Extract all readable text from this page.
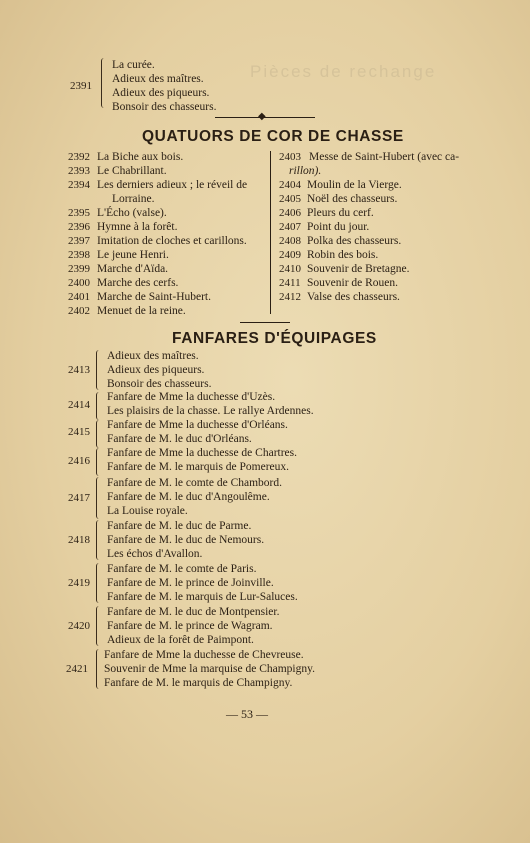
Pièces de rechange
2391
La curée.
Adieux des maîtres.
Adieux des piqueurs.
Bonsoir des chasseurs.
◆
QUATUORS DE COR DE CHASSE
2392 La Biche aux bois.
2393 Le Chabrillant.
2394 Les derniers adieux ; le réveil de
Lorraine.
2395 L'Écho (valse).
2396 Hymne à la forêt.
2397 Imitation de cloches et carillons.
2398 Le jeune Henri.
2399 Marche d'Aïda.
2400 Marche des cerfs.
2401 Marche de Saint-Hubert.
2402 Menuet de la reine.
2403 Messe de Saint-Hubert (avec ca-
rillon).
2404 Moulin de la Vierge.
2405 Noël des chasseurs.
2406 Pleurs du cerf.
2407 Point du jour.
2408 Polka des chasseurs.
2409 Robin des bois.
2410 Souvenir de Bretagne.
2411 Souvenir de Rouen.
2412 Valse des chasseurs.
FANFARES D'ÉQUIPAGES
2413
Adieux des maîtres.
Adieux des piqueurs.
Bonsoir des chasseurs.
2414
Fanfare de Mme la duchesse d'Uzès.
Les plaisirs de la chasse. Le rallye Ardennes.
2415
Fanfare de Mme la duchesse d'Orléans.
Fanfare de M. le duc d'Orléans.
2416
Fanfare de Mme la duchesse de Chartres.
Fanfare de M. le marquis de Pomereux.
2417
Fanfare de M. le comte de Chambord.
Fanfare de M. le duc d'Angoulême.
La Louise royale.
2418
Fanfare de M. le duc de Parme.
Fanfare de M. le duc de Nemours.
Les échos d'Avallon.
2419
Fanfare de M. le comte de Paris.
Fanfare de M. le prince de Joinville.
Fanfare de M. le marquis de Lur-Saluces.
2420
Fanfare de M. le duc de Montpensier.
Fanfare de M. le prince de Wagram.
Adieux de la forêt de Paimpont.
2421
Fanfare de Mme la duchesse de Chevreuse.
Souvenir de Mme la marquise de Champigny.
Fanfare de M. le marquis de Champigny.
— 53 —
